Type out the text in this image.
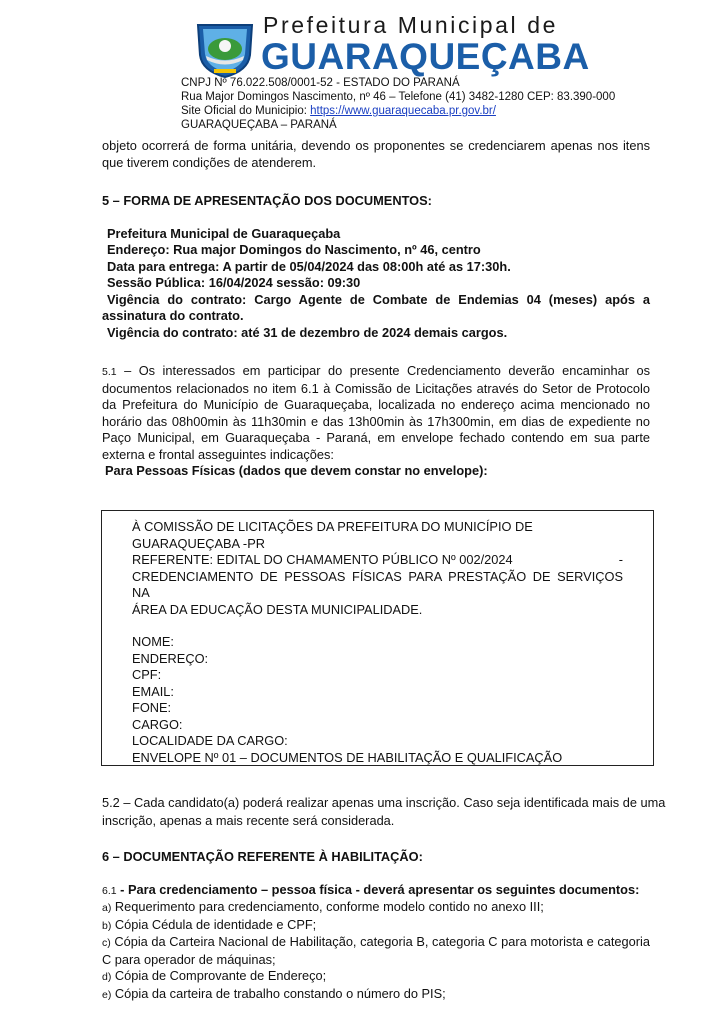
Prefeitura Municipal de
GUARAQUEÇABA
CNPJ Nº 76.022.508/0001-52 - ESTADO DO PARANÁ
Rua Major Domingos Nascimento, nº 46 – Telefone (41) 3482-1280 CEP: 83.390-000
Site Oficial do Municipio: https://www.guaraquecaba.pr.gov.br/
GUARAQUEÇABA – PARANÁ

objeto ocorrerá de forma unitária, devendo os proponentes se credenciarem apenas nos itens que tiverem condições de atenderem.

5 – FORMA DE APRESENTAÇÃO DOS DOCUMENTOS:

Prefeitura Municipal de Guaraqueçaba

Endereço: Rua major Domingos do Nascimento, nº 46, centro

Data para entrega: A partir de 05/04/2024 das 08:00h até as 17:30h.

Sessão Pública: 16/04/2024 sessão: 09:30

Vigência do contrato: Cargo Agente de Combate de Endemias 04 (meses) após a assinatura do contrato.

Vigência do contrato: até 31 de dezembro de 2024 demais cargos.

5.1 – Os interessados em participar do presente Credenciamento deverão encaminhar os documentos relacionados no item 6.1 à Comissão de Licitações através do Setor de Protocolo da Prefeitura do Município de Guaraqueçaba, localizada no endereço acima mencionado no horário das 08h00min às 11h30min e das 13h00min às 17h300min, em dias de expediente no Paço Municipal, em Guaraqueçaba - Paraná, em envelope fechado contendo em sua parte externa e frontal asseguintes indicações:

Para Pessoas Físicas (dados que devem constar no envelope):

À COMISSÃO DE LICITAÇÕES DA PREFEITURA DO MUNICÍPIO DE GUARAQUEÇABA -PR

REFERENTE: EDITAL DO CHAMAMENTO PÚBLICO Nº 002/2024	-

CREDENCIAMENTO DE PESSOAS FÍSICAS PARA PRESTAÇÃO DE SERVIÇOS NA

ÁREA DA EDUCAÇÃO DESTA MUNICIPALIDADE.

NOME:

ENDEREÇO:

CPF:

EMAIL:

FONE:

CARGO:

LOCALIDADE DA CARGO:

ENVELOPE Nº 01 – DOCUMENTOS DE HABILITAÇÃO E QUALIFICAÇÃO

5.2 – Cada candidato(a) poderá realizar apenas uma inscrição. Caso seja identificada mais de uma inscrição, apenas a mais recente será considerada.

6 – DOCUMENTAÇÃO REFERENTE À HABILITAÇÃO:

6.1 - Para credenciamento – pessoa física - deverá apresentar os seguintes documentos:

a) Requerimento para credenciamento, conforme modelo contido no anexo III;

b) Cópia Cédula de identidade e CPF;

c) Cópia da Carteira Nacional de Habilitação, categoria B, categoria C para motorista e categoria C para operador de máquinas;

d) Cópia de Comprovante de Endereço;

e) Cópia da carteira de trabalho constando o número do PIS;
